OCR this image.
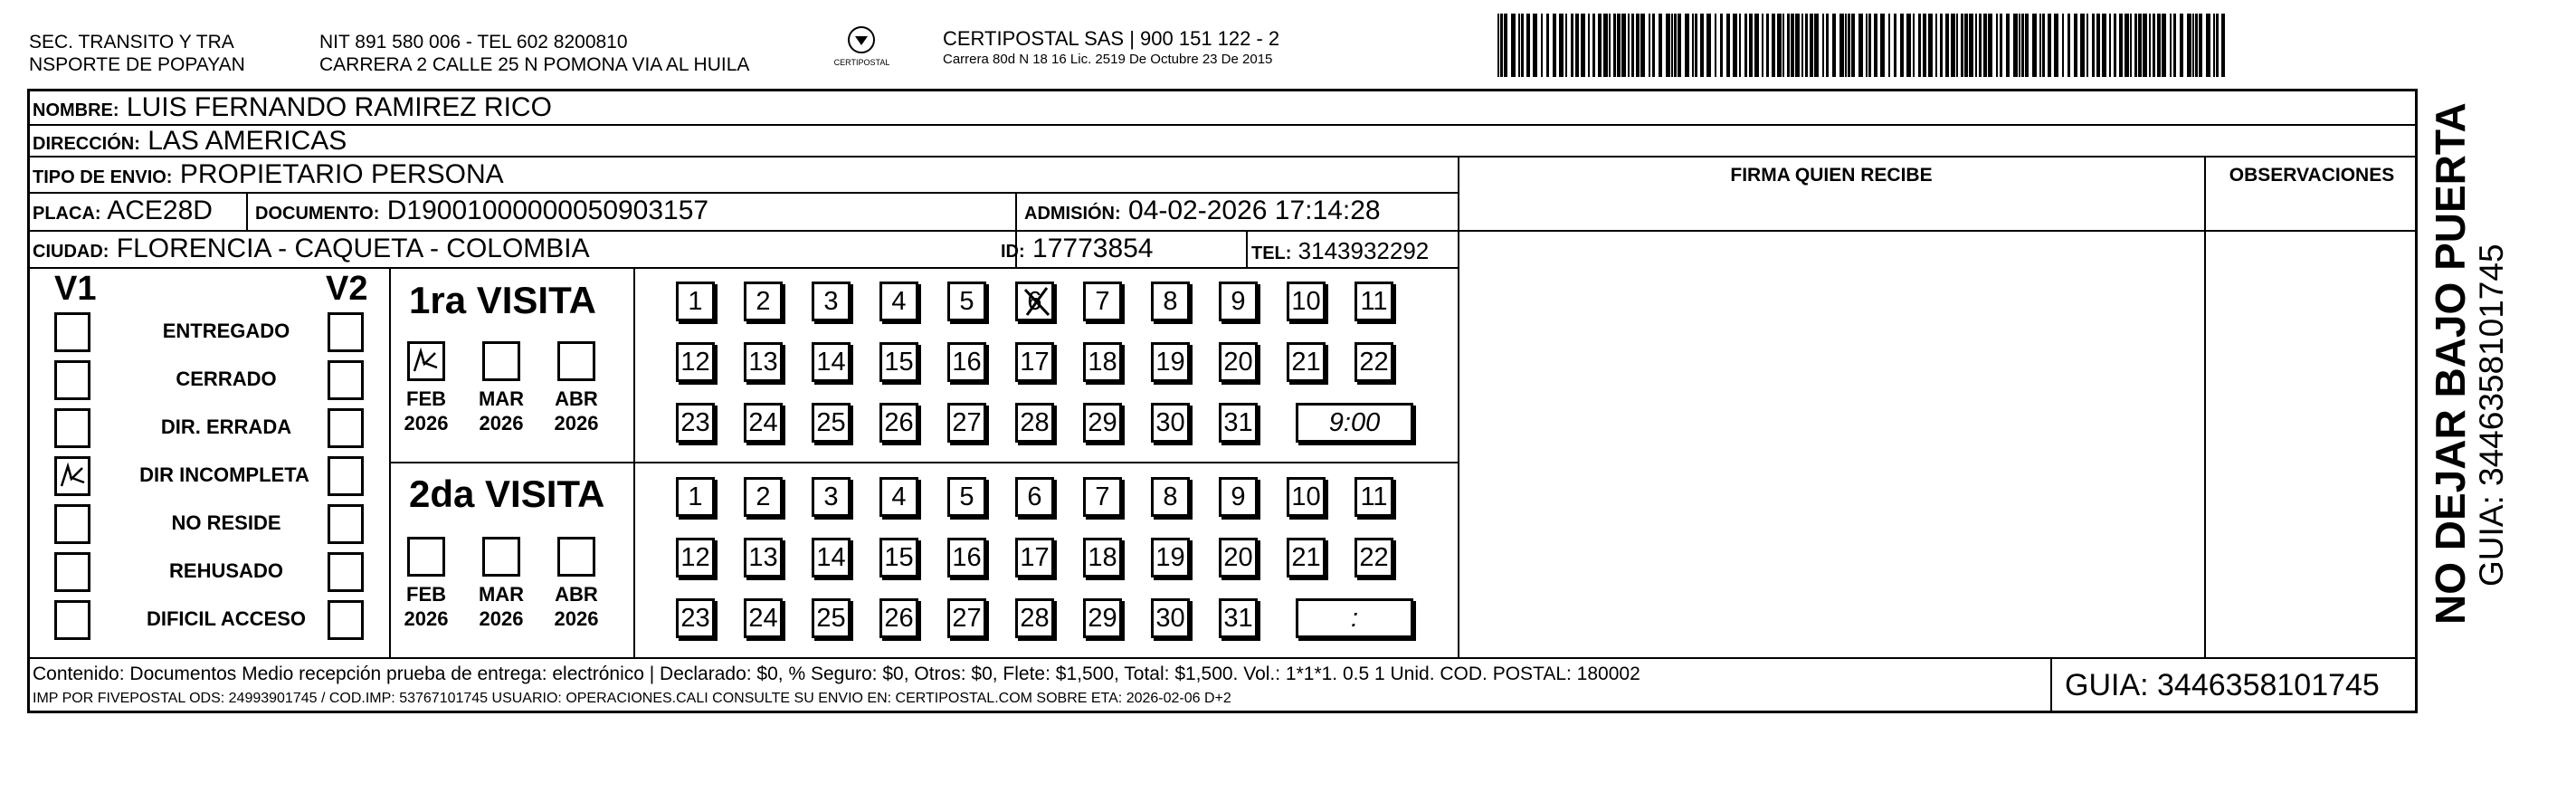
SEC. TRANSITO Y TRA
NSPORTE DE POPAYAN
NIT 891 580 006 - TEL 602 8200810
CARRERA 2 CALLE 25 N POMONA VIA AL HUILA	CERTIPOSTAL
CERTIPOSTAL SAS | 900 151 122 - 2
Carrera 80d N 18 16 Lic. 2519 De Octubre 23 De 2015
NOMBRE: LUIS FERNANDO RAMIREZ RICO
DIRECCIÓN: LAS AMERICAS
TIPO DE ENVIO: PROPIETARIO PERSONA
PLACA: ACE28D DOCUMENTO: D19001000000050903157	ADMISIÓN: 04-02-2026 17:14:28
CIUDAD: FLORENCIA - CAQUETA - COLOMBIA	ID: 17773854	TEL: 3143932292
FIRMA QUIEN RECIBE	OBSERVACIONES NO DEJAR BAJO PUERTA GUIA: 3446358101745
V1	V2
ENTREGADO
CERRADO
DIR. ERRADA
DIR INCOMPLETA
NO RESIDE
REHUSADO
DIFICIL ACCESO
1ra VISITA
FEB
2026
MAR
2026
ABR
2026
1	2	3	4	5	6	7	8	9	10 11
12 13 14 15 16 17 18 19 20 21 22
23 24 25 26 27 28 29 30 31	9:00
2da VISITA
FEB
2026
MAR
2026
ABR
2026
1	2	3	4	5	6	7	8	9	10 11
12 13 14 15 16 17 18 19 20 21 22
23 24 25 26 27 28 29 30 31	:
Contenido: Documentos Medio recepción prueba de entrega: electrónico | Declarado: $0, % Seguro: $0, Otros: $0, Flete: $1,500, Total: $1,500. Vol.: 1*1*1. 0.5 1 Unid. COD. POSTAL: 180002
IMP POR FIVEPOSTAL ODS: 24993901745 / COD.IMP: 53767101745 USUARIO: OPERACIONES.CALI CONSULTE SU ENVIO EN: CERTIPOSTAL.COM SOBRE ETA: 2026-02-06 D+2	GUIA: 3446358101745
